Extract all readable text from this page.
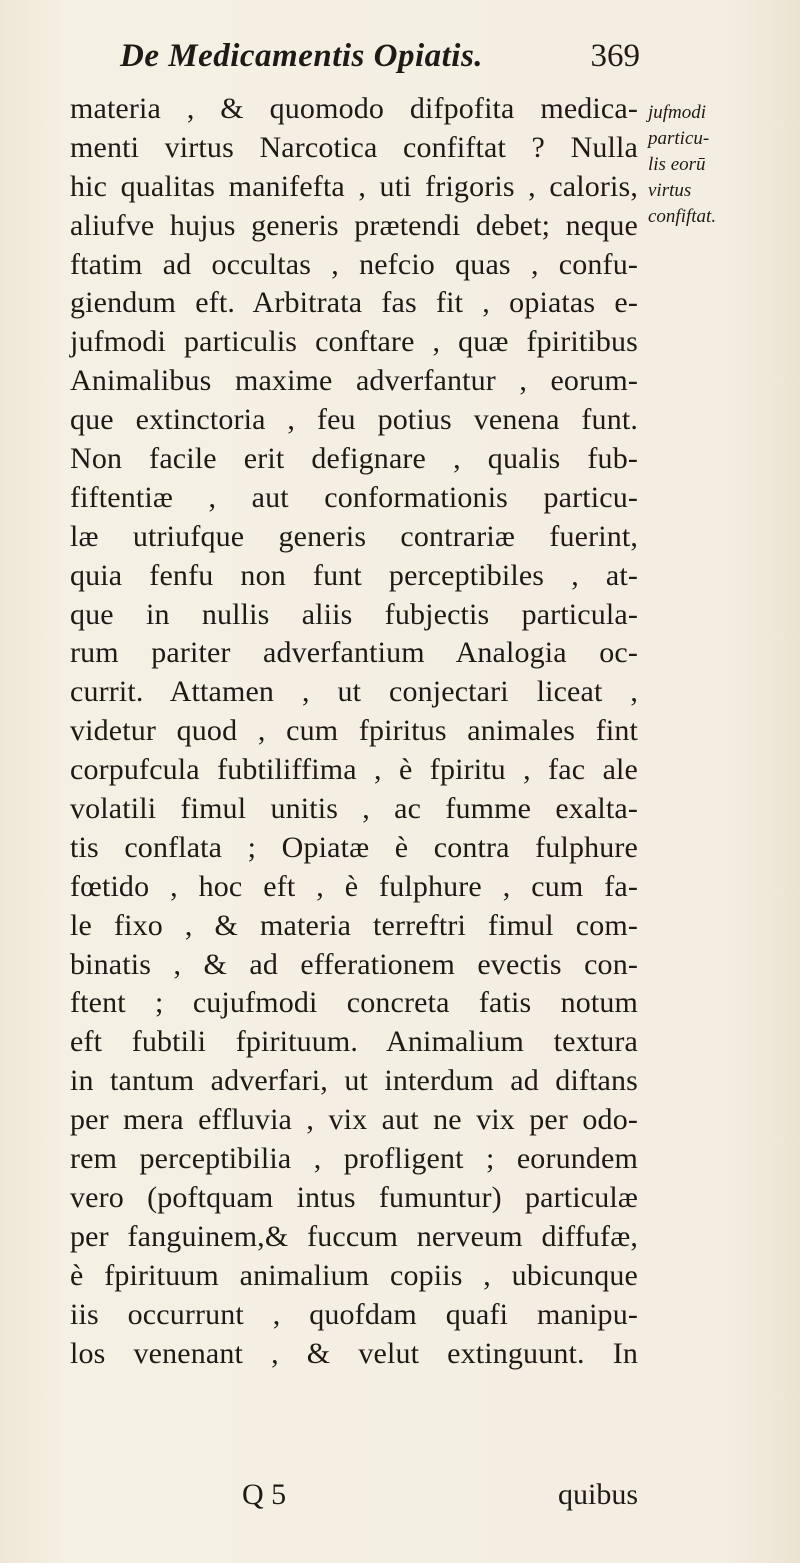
De Medicamentis Opiatis.	369
jufmodi
particu-
lis eorū
virtus
confiftat.
materia , & quomodo difpofita medica-
menti virtus Narcotica confiftat ? Nulla
hic qualitas manifefta , uti frigoris , caloris,
aliufve hujus generis prætendi debet; neque
ftatim ad occultas , nefcio quas , confu-
giendum eft. Arbitrata fas fit , opiatas e-
jufmodi particulis conftare , quæ fpiritibus
Animalibus maxime adverfantur , eorum-
que extinctoria , feu potius venena funt.
Non facile erit defignare , qualis fub-
fiftentiæ , aut conformationis particu-
læ utriufque generis contrariæ fuerint,
quia fenfu non funt perceptibiles , at-
que in nullis aliis fubjectis particula-
rum pariter adverfantium Analogia oc-
currit. Attamen , ut conjectari liceat ,
videtur quod , cum fpiritus animales fint
corpufcula fubtiliffima , è fpiritu , fac ale
volatili fimul unitis , ac fumme exalta-
tis conflata ; Opiatæ è contra fulphure
fœtido , hoc eft , è fulphure , cum fa-
le fixo , & materia terreftri fimul com-
binatis , & ad efferationem evectis con-
ftent ; cujufmodi concreta fatis notum
eft fubtili fpirituum. Animalium textura
in tantum adverfari, ut interdum ad diftans
per mera effluvia , vix aut ne vix per odo-
rem perceptibilia , profligent ; eorundem
vero (poftquam intus fumuntur) particulæ
per fanguinem,& fuccum nerveum diffufæ,
è fpirituum animalium copiis , ubicunque
iis occurrunt , quofdam quafi manipu-
los venenant , & velut extinguunt. In
Q 5	quibus
